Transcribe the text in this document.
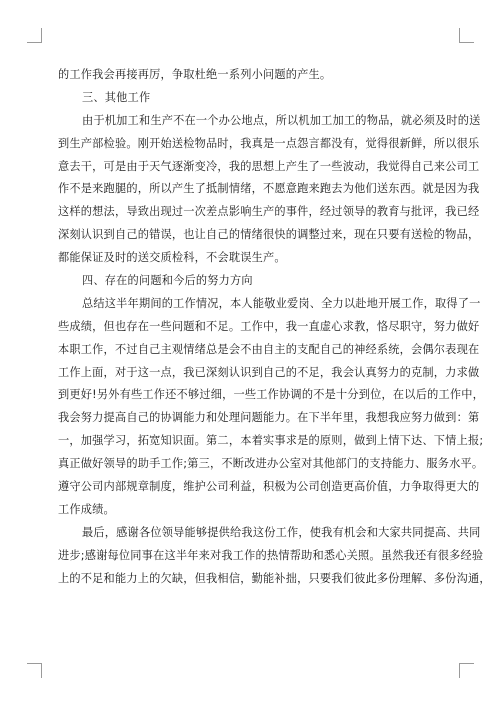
的工作我会再接再厉，争取杜绝一系列小问题的产生。
三、其他工作
由于机加工和生产不在一个办公地点，所以机加工加工的物品，就必须及时的送
到生产部检验。刚开始送检物品时，我真是一点怨言都没有，觉得很新鲜，所以很乐
意去干，可是由于天气逐渐变冷，我的思想上产生了一些波动，我觉得自己来公司工
作不是来跑腿的，所以产生了抵制情绪，不愿意跑来跑去为他们送东西。就是因为我
这样的想法，导致出现过一次差点影响生产的事件，经过领导的教育与批评，我已经
深刻认识到自己的错误，也让自己的情绪很快的调整过来，现在只要有送检的物品，
都能保证及时的送交质检科，不会耽误生产。
四、存在的问题和今后的努力方向
总结这半年期间的工作情况，本人能敬业爱岗、全力以赴地开展工作，取得了一
些成绩，但也存在一些问题和不足。工作中，我一直虚心求教，恪尽职守，努力做好
本职工作，不过自己主观情绪总是会不由自主的支配自己的神经系统，会偶尔表现在
工作上面，对于这一点，我已深刻认识到自己的不足，我会认真努力的克制，力求做
到更好!另外有些工作还不够过细，一些工作协调的不是十分到位，在以后的工作中，
我会努力提高自己的协调能力和处理问题能力。在下半年里，我想我应努力做到：第
一，加强学习，拓宽知识面。第二，本着实事求是的原则，做到上情下达、下情上报;
真正做好领导的助手工作;第三，不断改进办公室对其他部门的支持能力、服务水平。
遵守公司内部规章制度，维护公司利益，积极为公司创造更高价值，力争取得更大的
工作成绩。
最后，感谢各位领导能够提供给我这份工作，使我有机会和大家共同提高、共同
进步;感谢每位同事在这半年来对我工作的热情帮助和悉心关照。虽然我还有很多经验
上的不足和能力上的欠缺，但我相信，勤能补拙，只要我们彼此多份理解、多份沟通，
